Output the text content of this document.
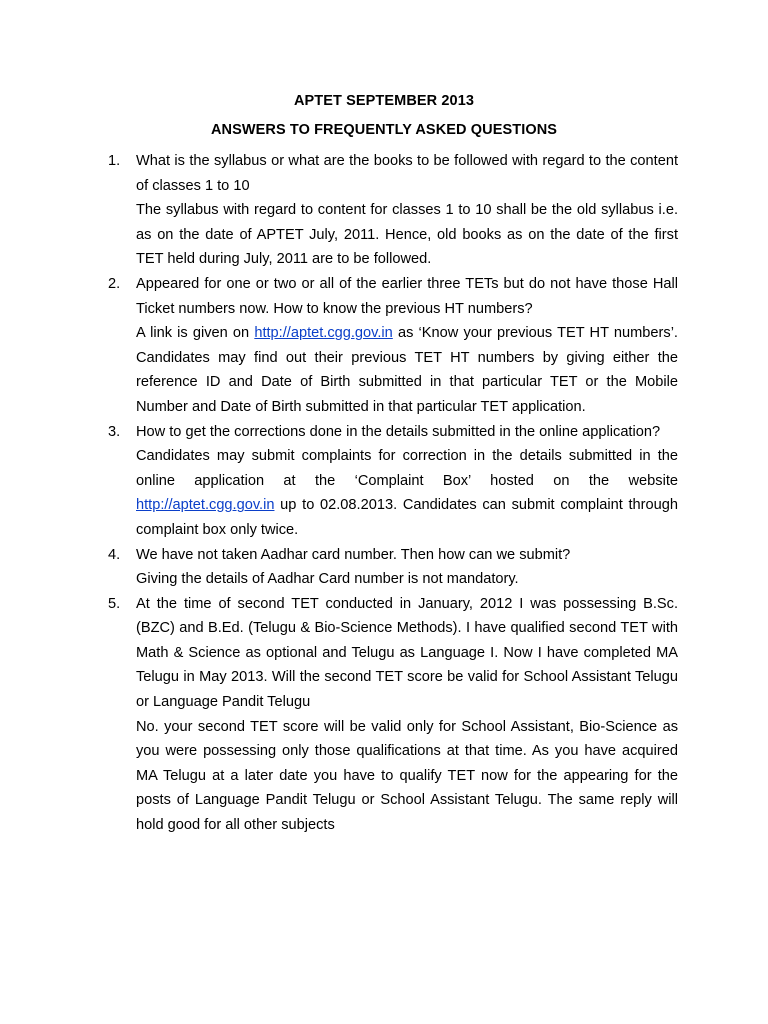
APTET SEPTEMBER 2013
ANSWERS TO FREQUENTLY ASKED QUESTIONS
1. What is the syllabus or what are the books to be followed with regard to the content of classes 1 to 10

The syllabus with regard to content for classes 1 to 10 shall be the old syllabus i.e. as on the date of APTET July, 2011. Hence, old books as on the date of the first TET held during July, 2011 are to be followed.

2. Appeared for one or two or all of the earlier three TETs but do not have those Hall Ticket numbers now. How to know the previous HT numbers?

A link is given on http://aptet.cgg.gov.in as ‘Know your previous TET HT numbers’. Candidates may find out their previous TET HT numbers by giving either the reference ID and Date of Birth submitted in that particular TET or the Mobile Number and Date of Birth submitted in that particular TET application.

3. How to get the corrections done in the details submitted in the online application?

Candidates may submit complaints for correction in the details submitted in the online application at the ‘Complaint Box’ hosted on the website http://aptet.cgg.gov.in up to 02.08.2013. Candidates can submit complaint through complaint box only twice.

4. We have not taken Aadhar card number. Then how can we submit?

Giving the details of Aadhar Card number is not mandatory.

5. At the time of second TET conducted in January, 2012 I was possessing B.Sc. (BZC) and B.Ed. (Telugu & Bio-Science Methods). I have qualified second TET with Math & Science as optional and Telugu as Language I. Now I have completed MA Telugu in May 2013. Will the second TET score be valid for School Assistant Telugu or Language Pandit Telugu

No. your second TET score will be valid only for School Assistant, Bio-Science as you were possessing only those qualifications at that time. As you have acquired MA Telugu at a later date you have to qualify TET now for the appearing for the posts of Language Pandit Telugu or School Assistant Telugu. The same reply will hold good for all other subjects
